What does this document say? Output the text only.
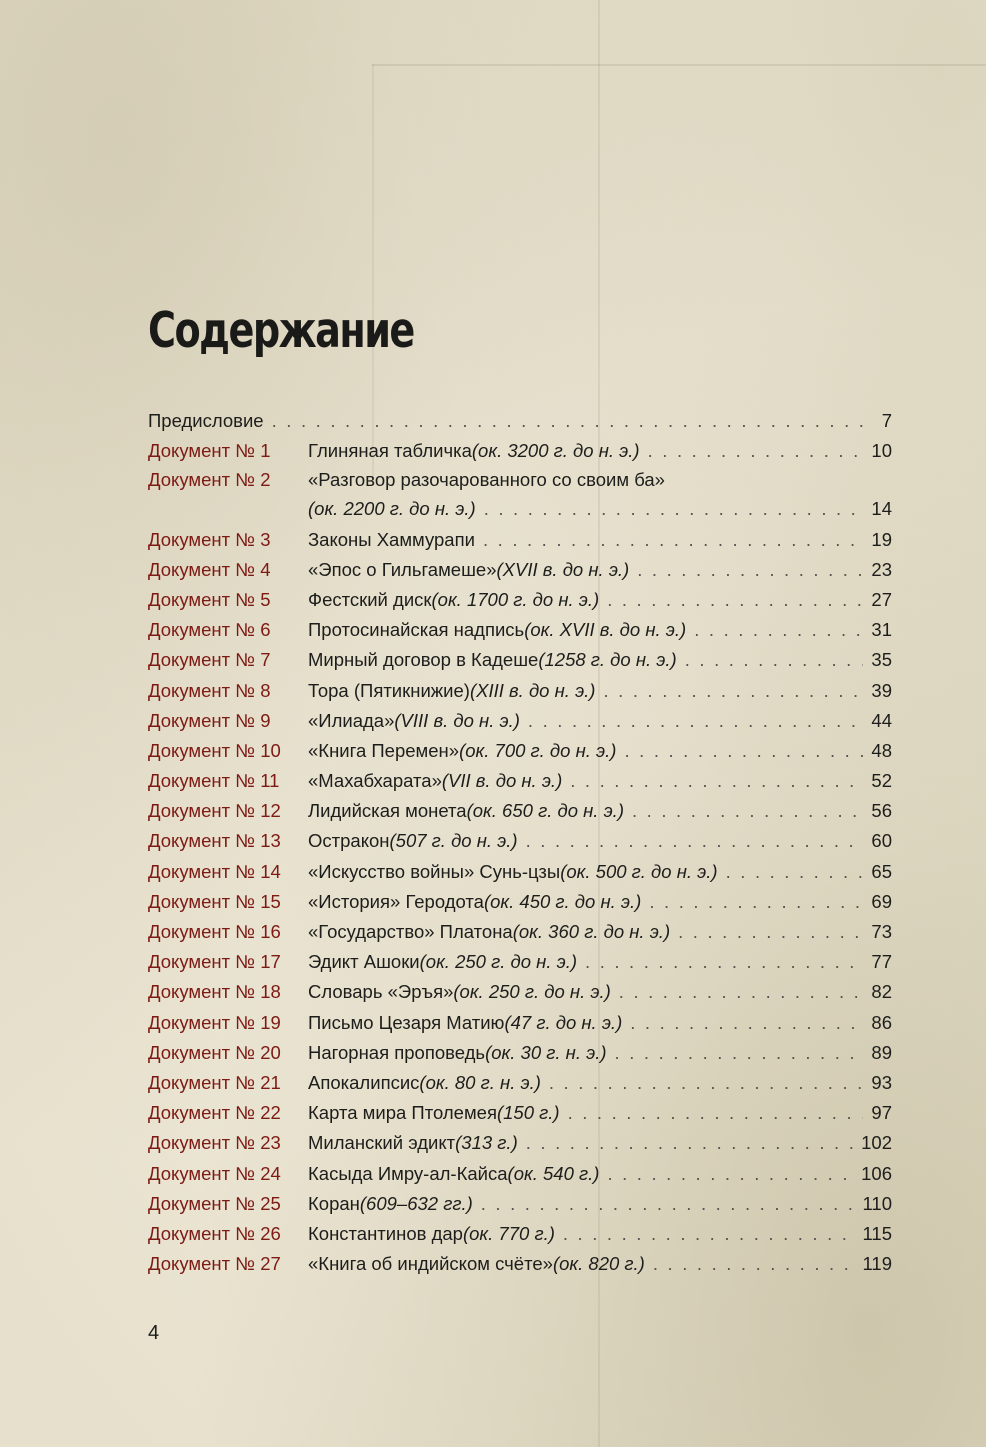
Содержание
Предисловие . . .	7
Документ № 1	Глиняная табличка (ок. 3200 г. до н. э.) . . .	10
Документ № 2	«Разговор разочарованного со своим ба»
(ок. 2200 г. до н. э.) . . .	14
Документ № 3	Законы Хаммурапи . . .	19
Документ № 4	«Эпос о Гильгамеше» (XVII в. до н. э.) . . .	23
Документ № 5	Фестский диск (ок. 1700 г. до н. э.) . . .	27
Документ № 6	Протосинайская надпись (ок. XVII в. до н. э.) . . .	31
Документ № 7	Мирный договор в Кадеше (1258 г. до н. э.) . . .	35
Документ № 8	Тора (Пятикнижие) (XIII в. до н. э.) . . .	39
Документ № 9	«Илиада» (VIII в. до н. э.) . . .	44
Документ № 10	«Книга Перемен» (ок. 700 г. до н. э.) . . .	48
Документ № 11	«Махабхарата» (VII в. до н. э.) . . .	52
Документ № 12	Лидийская монета (ок. 650 г. до н. э.) . . .	56
Документ № 13	Остракон (507 г. до н. э.) . . .	60
Документ № 14	«Искусство войны» Сунь-цзы (ок. 500 г. до н. э.) . . .	65
Документ № 15	«История» Геродота (ок. 450 г. до н. э.) . . .	69
Документ № 16	«Государство» Платона (ок. 360 г. до н. э.) . . .	73
Документ № 17	Эдикт Ашоки (ок. 250 г. до н. э.) . . .	77
Документ № 18	Словарь «Эръя» (ок. 250 г. до н. э.) . . .	82
Документ № 19	Письмо Цезаря Матию (47 г. до н. э.) . . .	86
Документ № 20	Нагорная проповедь (ок. 30 г. н. э.) . . .	89
Документ № 21	Апокалипсис (ок. 80 г. н. э.) . . .	93
Документ № 22	Карта мира Птолемея (150 г.) . . .	97
Документ № 23	Миланский эдикт (313 г.) . . .	102
Документ № 24	Касыда Имру-ал-Кайса (ок. 540 г.) . . .	106
Документ № 25	Коран (609–632 гг.) . . .	110
Документ № 26	Константинов дар (ок. 770 г.) . . .	115
Документ № 27	«Книга об индийском счёте» (ок. 820 г.) . . .	119
4
